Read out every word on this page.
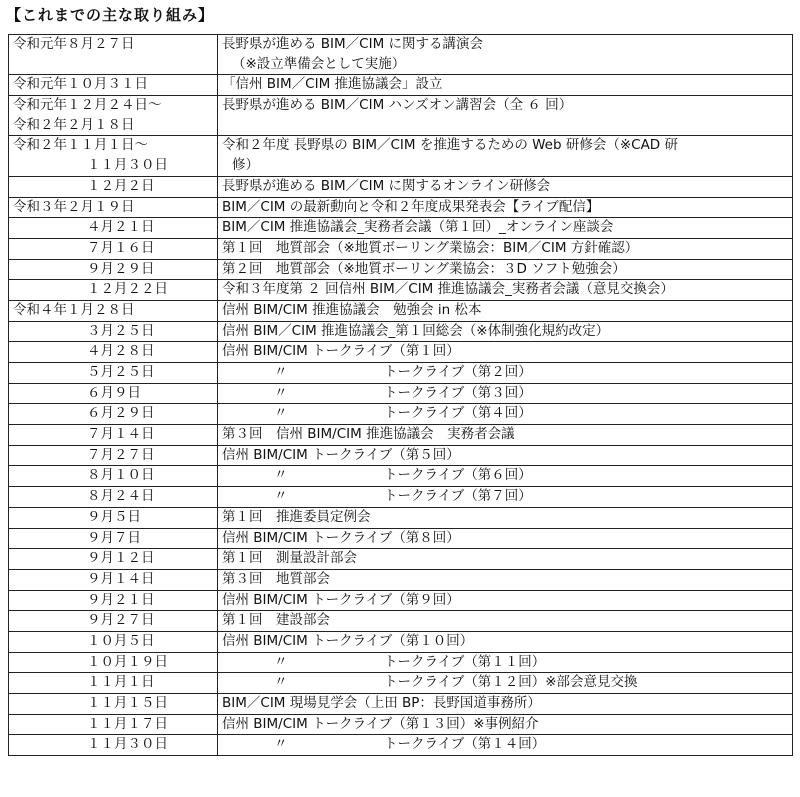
【これまでの主な取り組み】
令和元年８月２７日	長野県が進める BIM／CIM に関する講演会
（※設立準備会として実施）

令和元年１０月３１日	「信州 BIM／CIM 推進協議会」設立

令和元年１２月２４日～
令和２年２月１８日	長野県が進める BIM／CIM ハンズオン講習会（全 ６ 回）

令和２年１１月１日～
１１月３０日	令和２年度 長野県の BIM／CIM を推進するための Web 研修会（※CAD 研
修）

１２月２日	長野県が進める BIM／CIM に関するオンライン研修会

令和３年２月１９日	BIM／CIM の最新動向と令和２年度成果発表会【ライブ配信】

４月２１日	BIM／CIM 推進協議会_実務者会議（第１回）_オンライン座談会

７月１６日	第１回　地質部会（※地質ボーリング業協会：BIM／CIM 方針確認）

９月２９日	第２回　地質部会（※地質ボーリング業協会：３D ソフト勉強会）

１２月２２日	令和３年度第 ２ 回信州 BIM／CIM 推進協議会_実務者会議（意見交換会）

令和４年１月２８日	信州 BIM/CIM 推進協議会　勉強会 in 松本

３月２５日	信州 BIM／CIM 推進協議会_第１回総会（※体制強化規約改定）

４月２８日	信州 BIM/CIM トークライブ（第１回）

５月２５日	〃 トークライブ（第２回）

６月９日	〃 トークライブ（第３回）

６月２９日	〃 トークライブ（第４回）

７月１４日	第３回　信州 BIM/CIM 推進協議会　実務者会議

７月２７日	信州 BIM/CIM トークライブ（第５回）

８月１０日	〃 トークライブ（第６回）

８月２４日	〃 トークライブ（第７回）

９月５日	第１回　推進委員定例会

９月７日	信州 BIM/CIM トークライブ（第８回）

９月１２日	第１回　測量設計部会

９月１４日	第３回　地質部会

９月２１日	信州 BIM/CIM トークライブ（第９回）

９月２７日	第１回　建設部会

１０月５日	信州 BIM/CIM トークライブ（第１０回）

１０月１９日	〃 トークライブ（第１１回）

１１月１日	〃 トークライブ（第１２回）※部会意見交換

１１月１５日	BIM／CIM 現場見学会（上田 BP：長野国道事務所）

１１月１７日	信州 BIM/CIM トークライブ（第１３回）※事例紹介

１１月３０日	〃 トークライブ（第１４回）
